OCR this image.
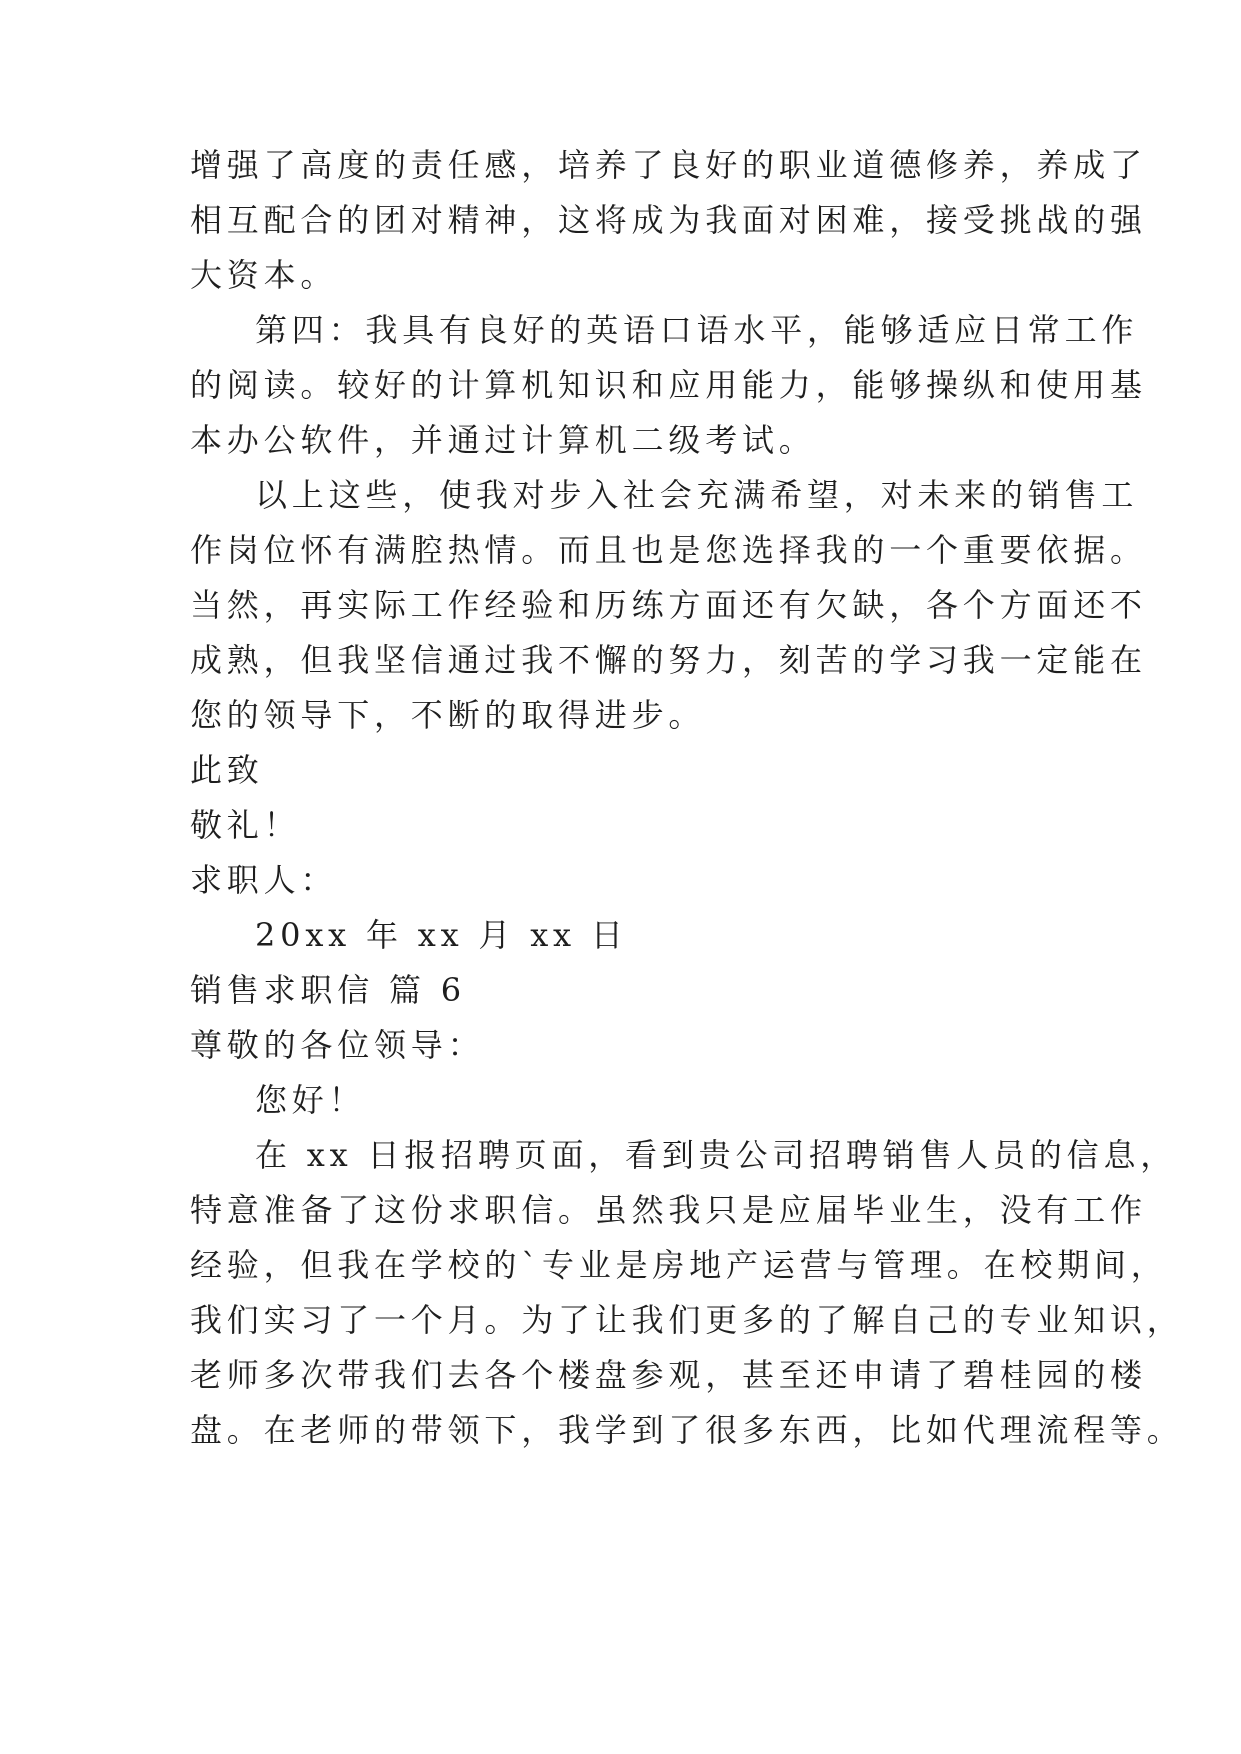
增强了高度的责任感，培养了良好的职业道德修养，养成了
相互配合的团对精神，这将成为我面对困难，接受挑战的强
大资本。
第四：我具有良好的英语口语水平，能够适应日常工作
的阅读。较好的计算机知识和应用能力，能够操纵和使用基
本办公软件，并通过计算机二级考试。
以上这些，使我对步入社会充满希望，对未来的销售工
作岗位怀有满腔热情。而且也是您选择我的一个重要依据。
当然，再实际工作经验和历练方面还有欠缺，各个方面还不
成熟，但我坚信通过我不懈的努力，刻苦的学习我一定能在
您的领导下，不断的取得进步。
此致
敬礼！
求职人：
20xx 年 xx 月 xx 日
销售求职信 篇 6
尊敬的各位领导：
您好！
在 xx 日报招聘页面，看到贵公司招聘销售人员的信息，
特意准备了这份求职信。虽然我只是应届毕业生，没有工作
经验，但我在学校的`专业是房地产运营与管理。在校期间，
我们实习了一个月。为了让我们更多的了解自己的专业知识，
老师多次带我们去各个楼盘参观，甚至还申请了碧桂园的楼
盘。在老师的带领下，我学到了很多东西，比如代理流程等。
